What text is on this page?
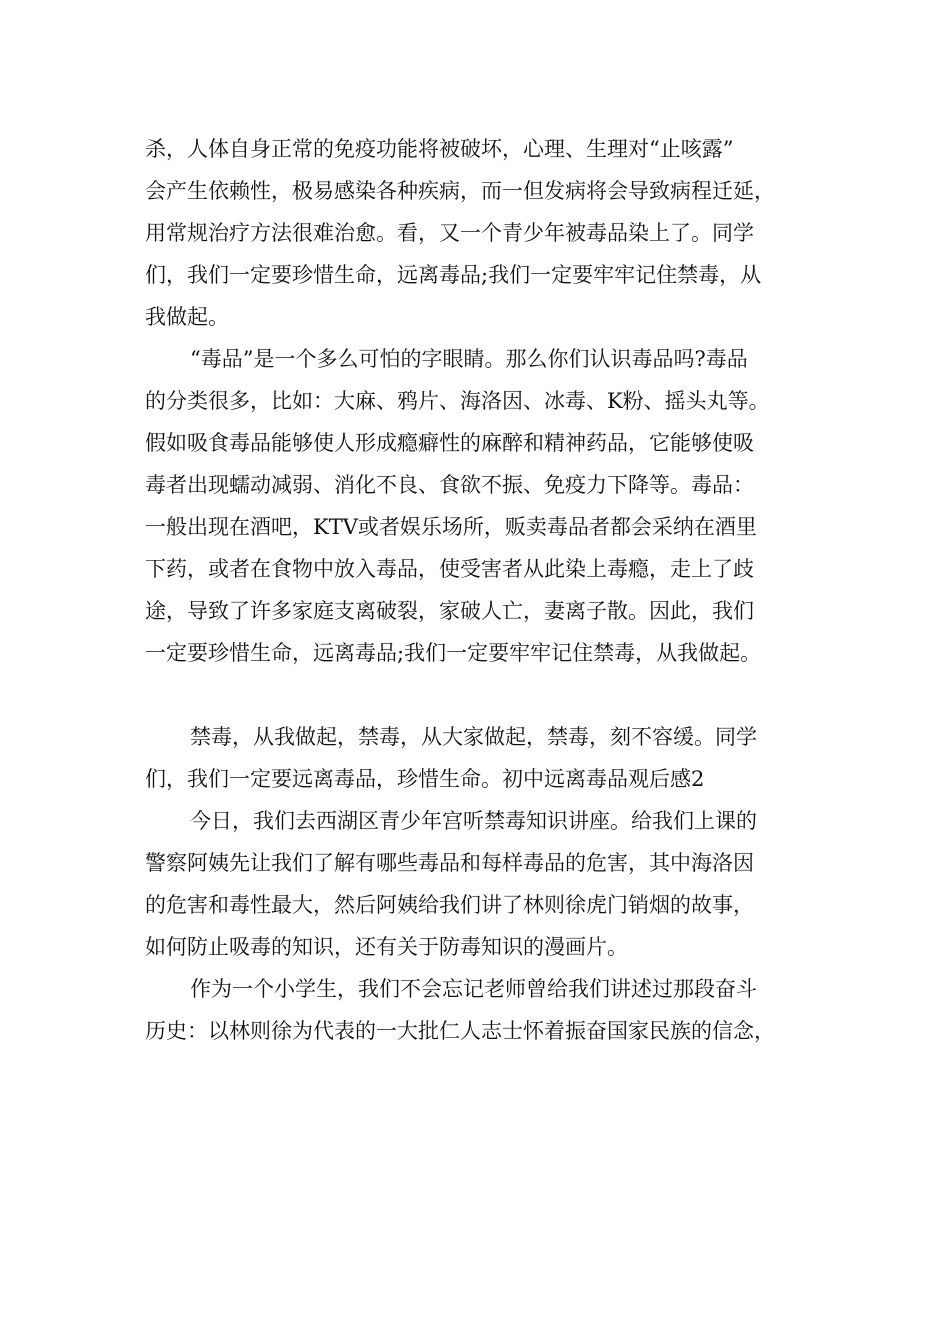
杀，人体自身正常的免疫功能将被破坏，心理、生理对“止咳露”
会产生依赖性，极易感染各种疾病，而一但发病将会导致病程迁延，
用常规治疗方法很难治愈。看，又一个青少年被毒品染上了。同学
们，我们一定要珍惜生命，远离毒品;我们一定要牢牢记住禁毒，从
我做起。
“毒品”是一个多么可怕的字眼睛。那么你们认识毒品吗?毒品
的分类很多，比如：大麻、鸦片、海洛因、冰毒、K粉、摇头丸等。
假如吸食毒品能够使人形成瘾癖性的麻醉和精神药品，它能够使吸
毒者出现蠕动减弱、消化不良、食欲不振、免疫力下降等。毒品：
一般出现在酒吧，KTV或者娱乐场所，贩卖毒品者都会采纳在酒里
下药，或者在食物中放入毒品，使受害者从此染上毒瘾，走上了歧
途，导致了许多家庭支离破裂，家破人亡，妻离子散。因此，我们
一定要珍惜生命，远离毒品;我们一定要牢牢记住禁毒，从我做起。
禁毒，从我做起，禁毒，从大家做起，禁毒，刻不容缓。同学
们，我们一定要远离毒品，珍惜生命。初中远离毒品观后感2
今日，我们去西湖区青少年宫听禁毒知识讲座。给我们上课的
警察阿姨先让我们了解有哪些毒品和每样毒品的危害，其中海洛因
的危害和毒性最大，然后阿姨给我们讲了林则徐虎门销烟的故事，
如何防止吸毒的知识，还有关于防毒知识的漫画片。
作为一个小学生，我们不会忘记老师曾给我们讲述过那段奋斗
历史：以林则徐为代表的一大批仁人志士怀着振奋国家民族的信念，
